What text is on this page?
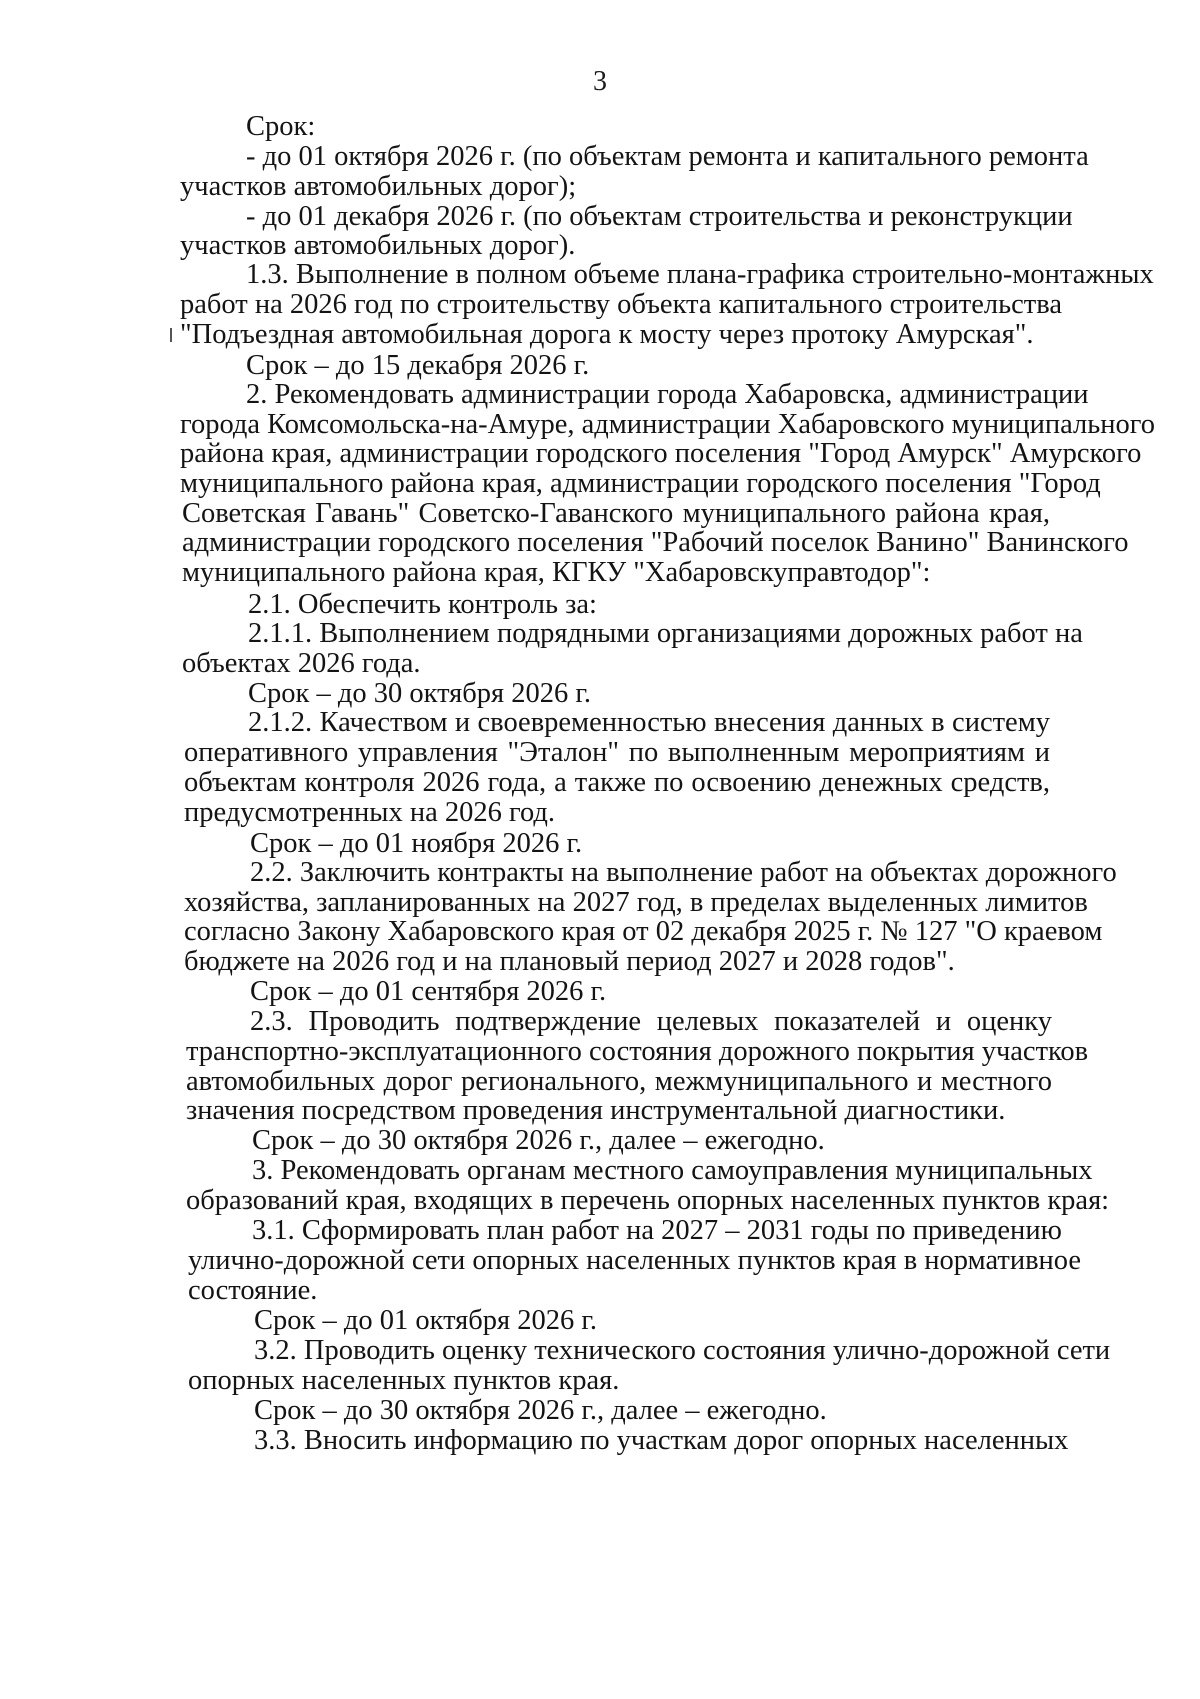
3
Срок:
- до 01 октября 2026 г. (по объектам ремонта и капитального ремонта
участков автомобильных дорог);
- до 01 декабря 2026 г. (по объектам строительства и реконструкции
участков автомобильных дорог).
1.3. Выполнение в полном объеме плана-графика строительно-монтажных
работ на 2026 год по строительству объекта капитального строительства
"Подъездная автомобильная дорога к мосту через протоку Амурская".
Срок – до 15 декабря 2026 г.
2. Рекомендовать администрации города Хабаровска, администрации
города Комсомольска-на-Амуре, администрации Хабаровского муниципального
района края, администрации городского поселения "Город Амурск" Амурского
муниципального района края, администрации городского поселения "Город
Советская Гавань" Советско-Гаванского муниципального района края,
администрации городского поселения "Рабочий поселок Ванино" Ванинского
муниципального района края, КГКУ "Хабаровскуправтодор":
2.1. Обеспечить контроль за:
2.1.1. Выполнением подрядными организациями дорожных работ на
объектах 2026 года.
Срок – до 30 октября 2026 г.
2.1.2. Качеством и своевременностью внесения данных в систему
оперативного управления "Эталон" по выполненным мероприятиям и
объектам контроля 2026 года, а также по освоению денежных средств,
предусмотренных на 2026 год.
Срок – до 01 ноября 2026 г.
2.2. Заключить контракты на выполнение работ на объектах дорожного
хозяйства, запланированных на 2027 год, в пределах выделенных лимитов
согласно Закону Хабаровского края от 02 декабря 2025 г. № 127 "О краевом
бюджете на 2026 год и на плановый период 2027 и 2028 годов".
Срок – до 01 сентября 2026 г.
2.3. Проводить подтверждение целевых показателей и оценку
транспортно-эксплуатационного состояния дорожного покрытия участков
автомобильных дорог регионального, межмуниципального и местного
значения посредством проведения инструментальной диагностики.
Срок – до 30 октября 2026 г., далее – ежегодно.
3. Рекомендовать органам местного самоуправления муниципальных
образований края, входящих в перечень опорных населенных пунктов края:
3.1. Сформировать план работ на 2027 – 2031 годы по приведению
улично-дорожной сети опорных населенных пунктов края в нормативное
состояние.
Срок – до 01 октября 2026 г.
3.2. Проводить оценку технического состояния улично-дорожной сети
опорных населенных пунктов края.
Срок – до 30 октября 2026 г., далее – ежегодно.
3.3. Вносить информацию по участкам дорог опорных населенных
